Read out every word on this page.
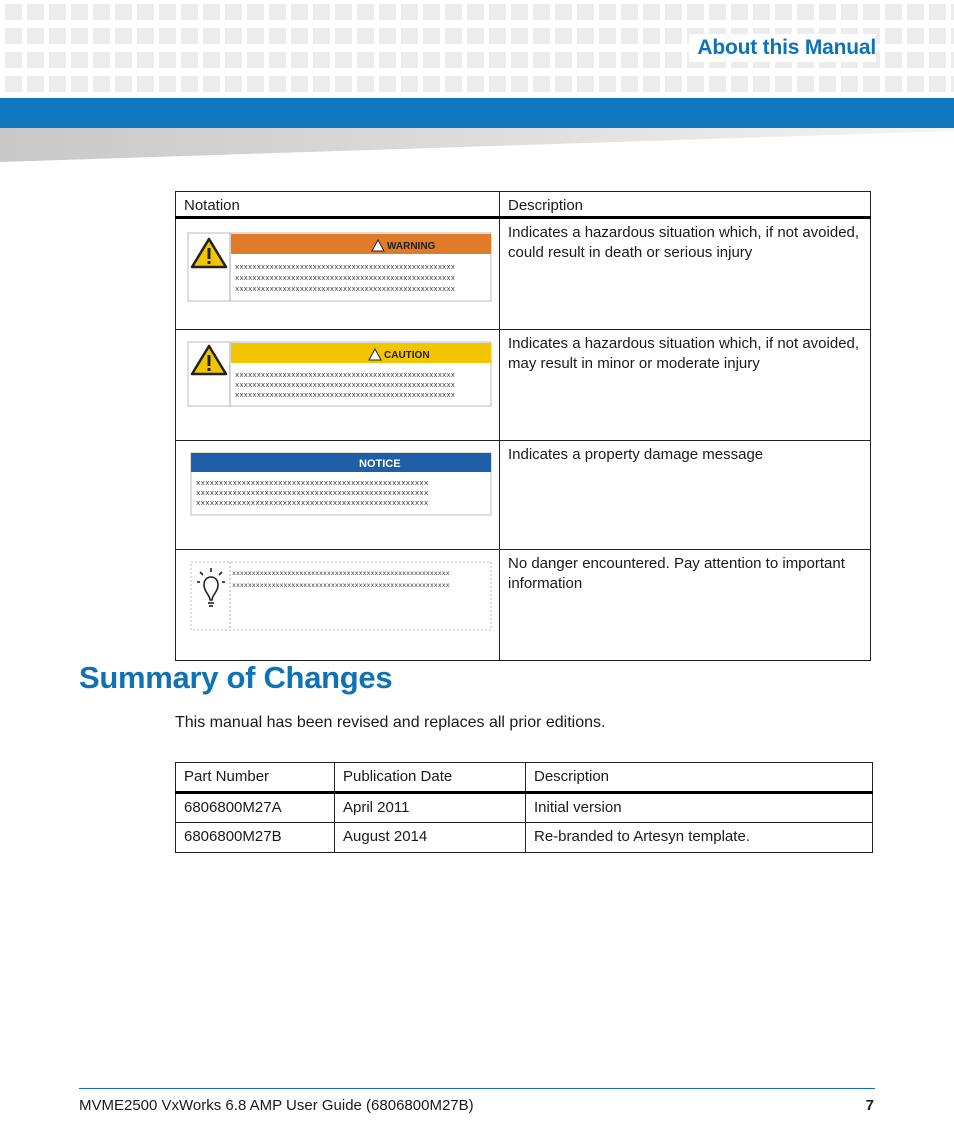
About this Manual
Notation	Description

WARNING
xxxxxxxxxxxxxxxxxxxxxxxxxxxxxxxxxxxxxxxxxxxxxxxxxxx
xxxxxxxxxxxxxxxxxxxxxxxxxxxxxxxxxxxxxxxxxxxxxxxxxxx
xxxxxxxxxxxxxxxxxxxxxxxxxxxxxxxxxxxxxxxxxxxxxxxxxxx	Indicates a hazardous situation which, if not avoided, could result in death or serious injury

CAUTION
xxxxxxxxxxxxxxxxxxxxxxxxxxxxxxxxxxxxxxxxxxxxxxxxxxx
xxxxxxxxxxxxxxxxxxxxxxxxxxxxxxxxxxxxxxxxxxxxxxxxxxx
xxxxxxxxxxxxxxxxxxxxxxxxxxxxxxxxxxxxxxxxxxxxxxxxxxx	Indicates a hazardous situation which, if not avoided, may result in minor or moderate injury

NOTICE
xxxxxxxxxxxxxxxxxxxxxxxxxxxxxxxxxxxxxxxxxxxxxxxxxxx
xxxxxxxxxxxxxxxxxxxxxxxxxxxxxxxxxxxxxxxxxxxxxxxxxxx
xxxxxxxxxxxxxxxxxxxxxxxxxxxxxxxxxxxxxxxxxxxxxxxxxxx	Indicates a property damage message

xxxxxxxxxxxxxxxxxxxxxxxxxxxxxxxxxxxxxxxxxxxxxxxxxxxxxxx
xxxxxxxxxxxxxxxxxxxxxxxxxxxxxxxxxxxxxxxxxxxxxxxxxxxxxxx	No danger encountered. Pay attention to important information
Summary of Changes

This manual has been revised and replaces all prior editions.

Part Number	Publication Date	Description
6806800M27A	April 2011	Initial version
6806800M27B	August 2014	Re-branded to Artesyn template.
MVME2500 VxWorks 6.8 AMP User Guide (6806800M27B)	7
